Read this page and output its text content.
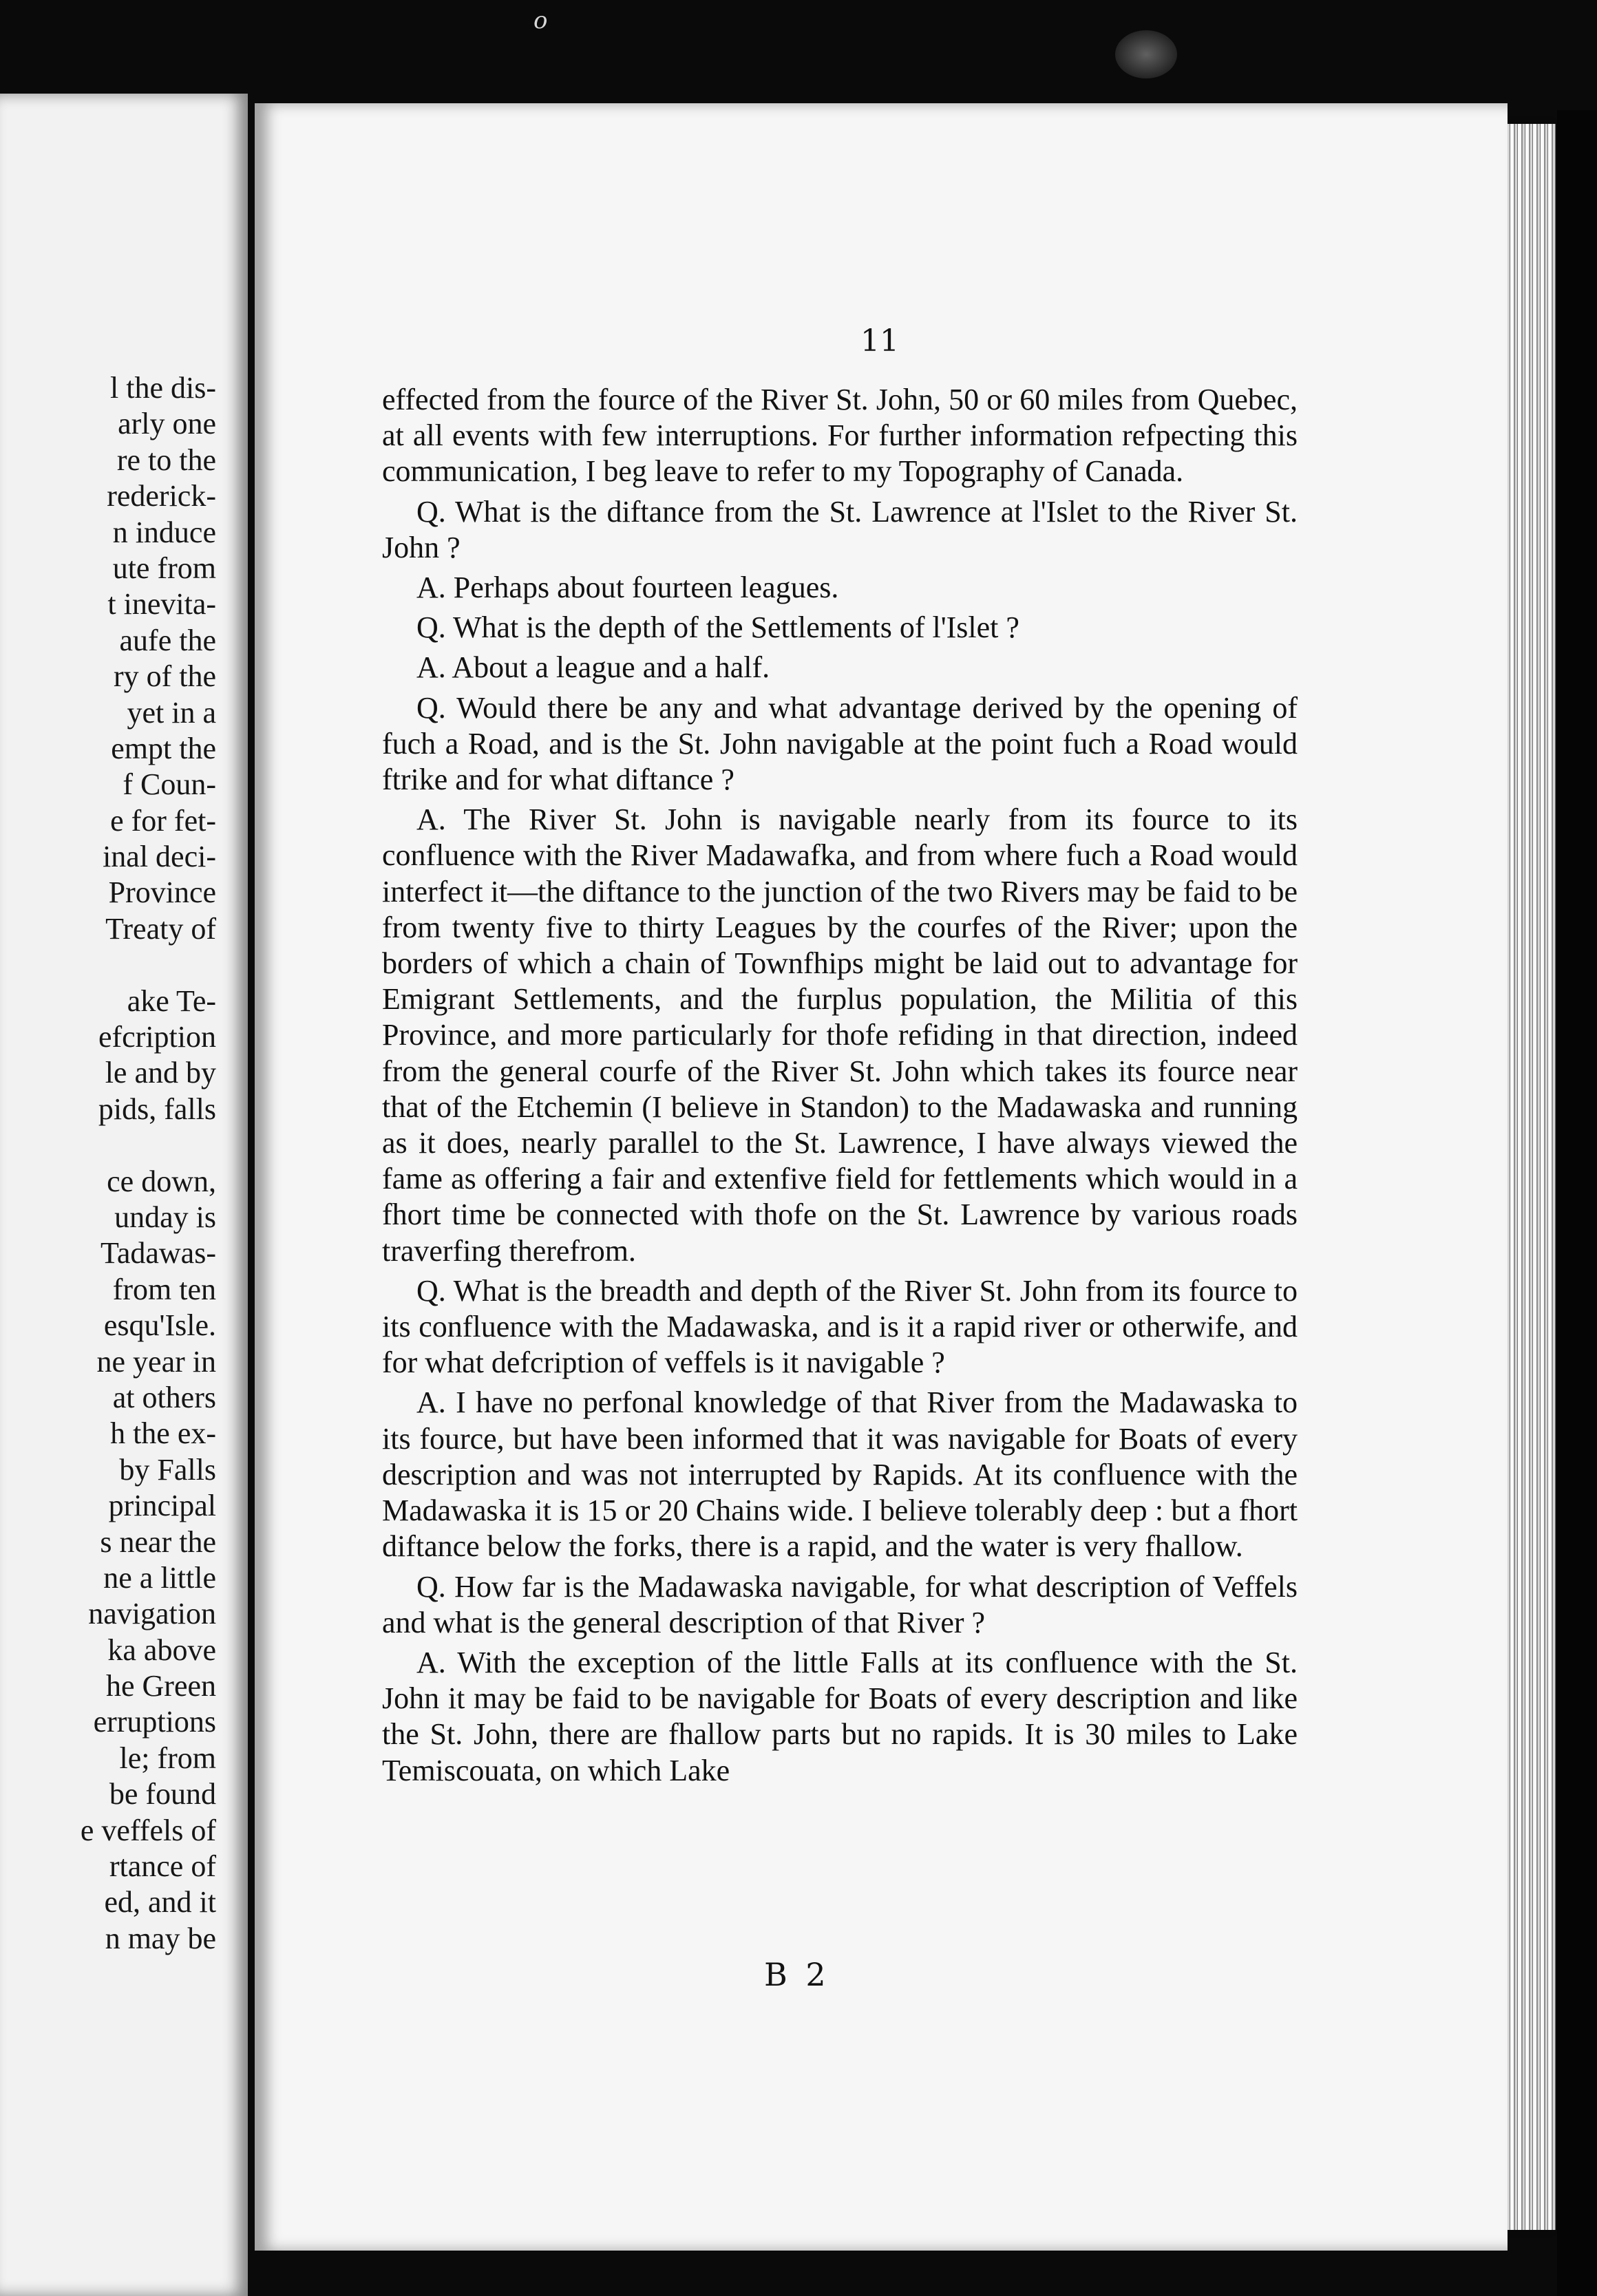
o
l the dis-
arly one
re to the
rederick-
n induce
ute from
t inevita-
aufe the
ry of the
yet in a
empt the
f Coun-
e for fet-
inal deci-
Province
Treaty of
ake Te-
efcription
le and by
pids, falls
ce down,
unday is
Tadawas-
from ten
esqu'Isle.
ne year in
at others
h the ex-
by Falls
principal
s near the
ne a little
navigation
ka above
he Green
erruptions
le; from
be found
e veffels of
rtance of
ed, and it
n may be
11

effected from the fource of the River St. John, 50 or 60 miles from Quebec, at all events with few interruptions. For further information refpecting this communication, I beg leave to refer to my Topography of Canada.

Q. What is the diftance from the St. Lawrence at l'Islet to the River St. John ?

A. Perhaps about fourteen leagues.

Q. What is the depth of the Settlements of l'Islet ?

A. About a league and a half.

Q. Would there be any and what advantage derived by the opening of fuch a Road, and is the St. John navigable at the point fuch a Road would ftrike and for what diftance ?

A. The River St. John is navigable nearly from its fource to its confluence with the River Madawafka, and from where fuch a Road would interfect it—the diftance to the junction of the two Rivers may be faid to be from twenty five to thirty Leagues by the courfes of the River; upon the borders of which a chain of Townfhips might be laid out to advantage for Emigrant Settlements, and the furplus population, the Militia of this Province, and more particularly for thofe refiding in that direction, indeed from the general courfe of the River St. John which takes its fource near that of the Etchemin (I believe in Standon) to the Madawaska and running as it does, nearly parallel to the St. Lawrence, I have always viewed the fame as offering a fair and extenfive field for fettlements which would in a fhort time be connected with thofe on the St. Lawrence by various roads traverfing therefrom.

Q. What is the breadth and depth of the River St. John from its fource to its confluence with the Madawaska, and is it a rapid river or otherwife, and for what defcription of veffels is it navigable ?

A. I have no perfonal knowledge of that River from the Madawaska to its fource, but have been informed that it was navigable for Boats of every description and was not interrupted by Rapids. At its confluence with the Madawaska it is 15 or 20 Chains wide. I believe tolerably deep : but a fhort diftance below the forks, there is a rapid, and the water is very fhallow.

Q. How far is the Madawaska navigable, for what description of Veffels and what is the general description of that River ?

A. With the exception of the little Falls at its confluence with the St. John it may be faid to be navigable for Boats of every description and like the St. John, there are fhallow parts but no rapids. It is 30 miles to Lake Temiscouata, on which Lake

B 2
